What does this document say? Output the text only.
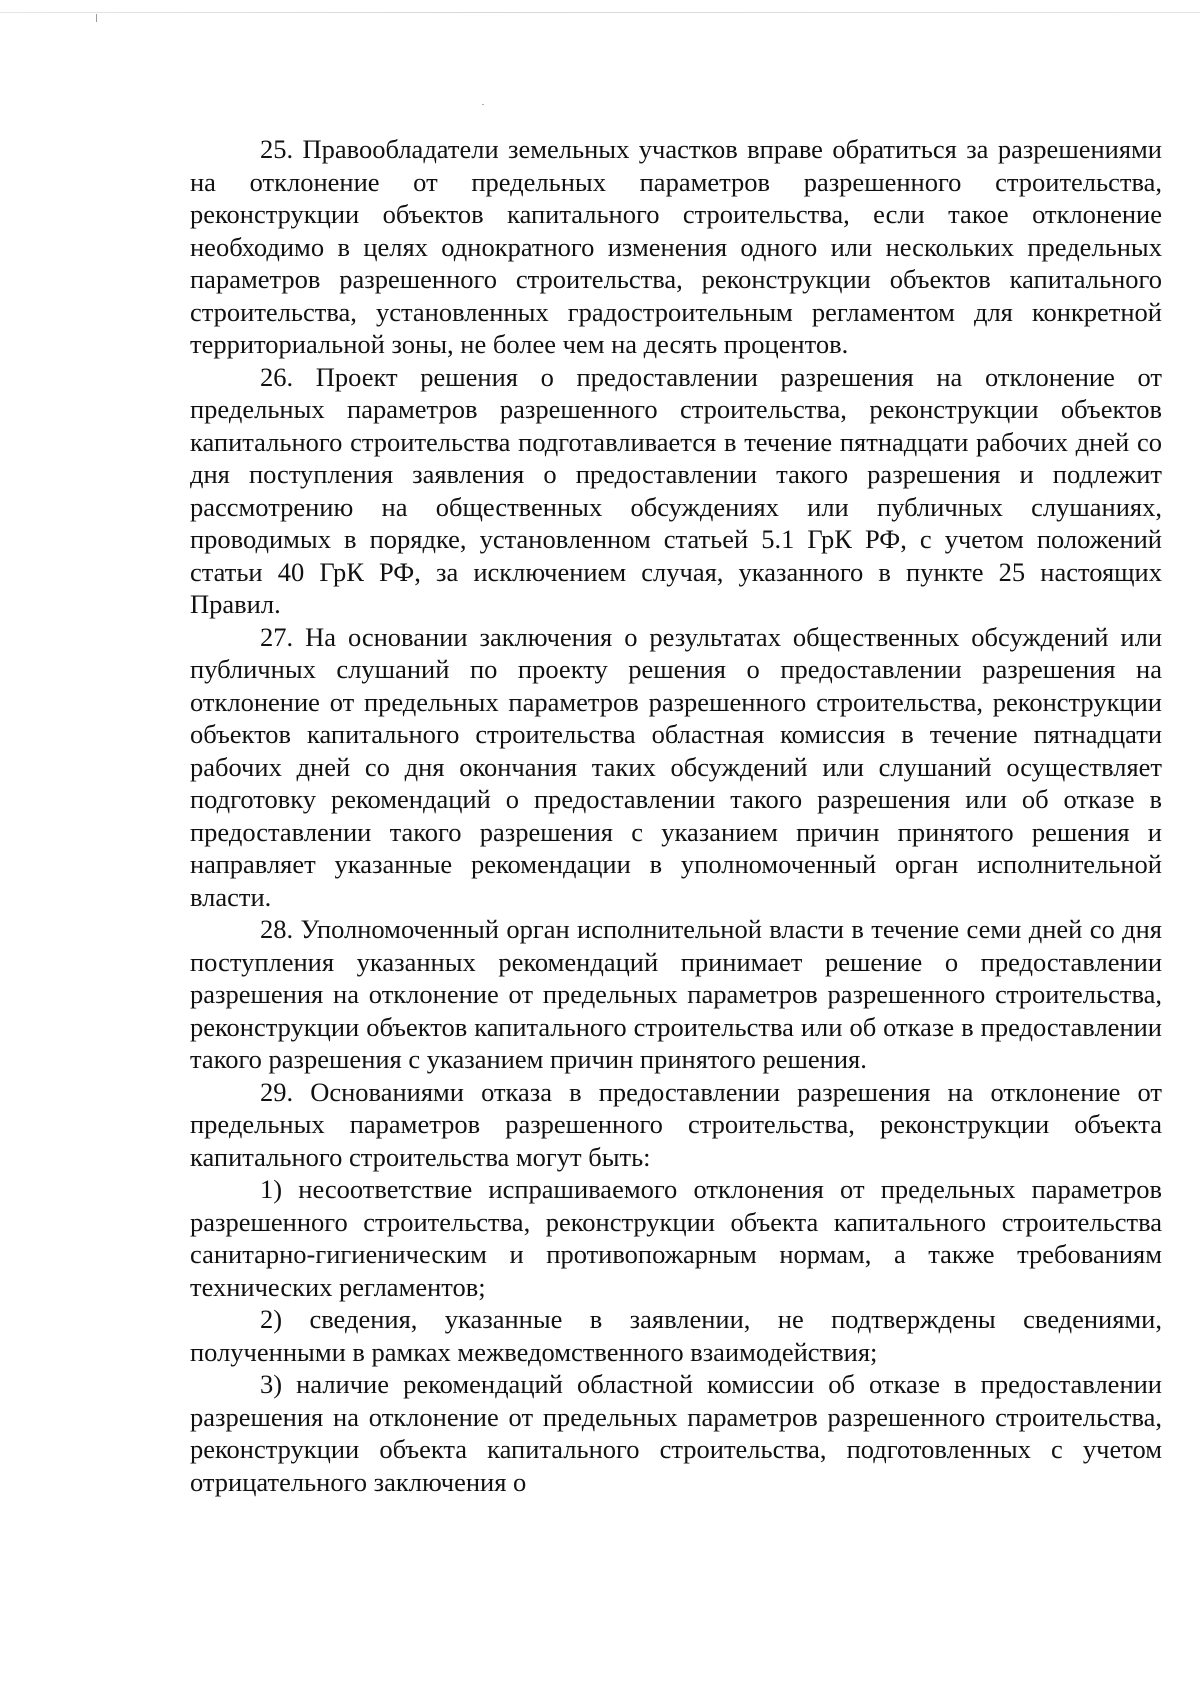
25. Правообладатели земельных участков вправе обратиться за разрешениями на отклонение от предельных параметров разрешенного строительства, реконструкции объектов капитального строительства, если такое отклонение необходимо в целях однократного изменения одного или нескольких предельных параметров разрешенного строительства, реконструкции объектов капитального строительства, установленных градостроительным регламентом для конкретной территориальной зоны, не более чем на десять процентов.

26. Проект решения о предоставлении разрешения на отклонение от предельных параметров разрешенного строительства, реконструкции объектов капитального строительства подготавливается в течение пятнадцати рабочих дней со дня поступления заявления о предоставлении такого разрешения и подлежит рассмотрению на общественных обсуждениях или публичных слушаниях, проводимых в порядке, установленном статьей 5.1 ГрК РФ, с учетом положений статьи 40 ГрК РФ, за исключением случая, указанного в пункте 25 настоящих Правил.

27. На основании заключения о результатах общественных обсуждений или публичных слушаний по проекту решения о предоставлении разрешения на отклонение от предельных параметров разрешенного строительства, реконструкции объектов капитального строительства областная комиссия в течение пятнадцати рабочих дней со дня окончания таких обсуждений или слушаний осуществляет подготовку рекомендаций о предоставлении такого разрешения или об отказе в предоставлении такого разрешения с указанием причин принятого решения и направляет указанные рекомендации в уполномоченный орган исполнительной власти.

28. Уполномоченный орган исполнительной власти в течение семи дней со дня поступления указанных рекомендаций принимает решение о предоставлении разрешения на отклонение от предельных параметров разрешенного строительства, реконструкции объектов капитального строительства или об отказе в предоставлении такого разрешения с указанием причин принятого решения.

29. Основаниями отказа в предоставлении разрешения на отклонение от предельных параметров разрешенного строительства, реконструкции объекта капитального строительства могут быть:

1) несоответствие испрашиваемого отклонения от предельных параметров разрешенного строительства, реконструкции объекта капитального строительства санитарно-гигиеническим и противопожарным нормам, а также требованиям технических регламентов;

2) сведения, указанные в заявлении, не подтверждены сведениями, полученными в рамках межведомственного взаимодействия;

3) наличие рекомендаций областной комиссии об отказе в предоставлении разрешения на отклонение от предельных параметров разрешенного строительства, реконструкции объекта капитального строительства, подготовленных с учетом отрицательного заключения о
